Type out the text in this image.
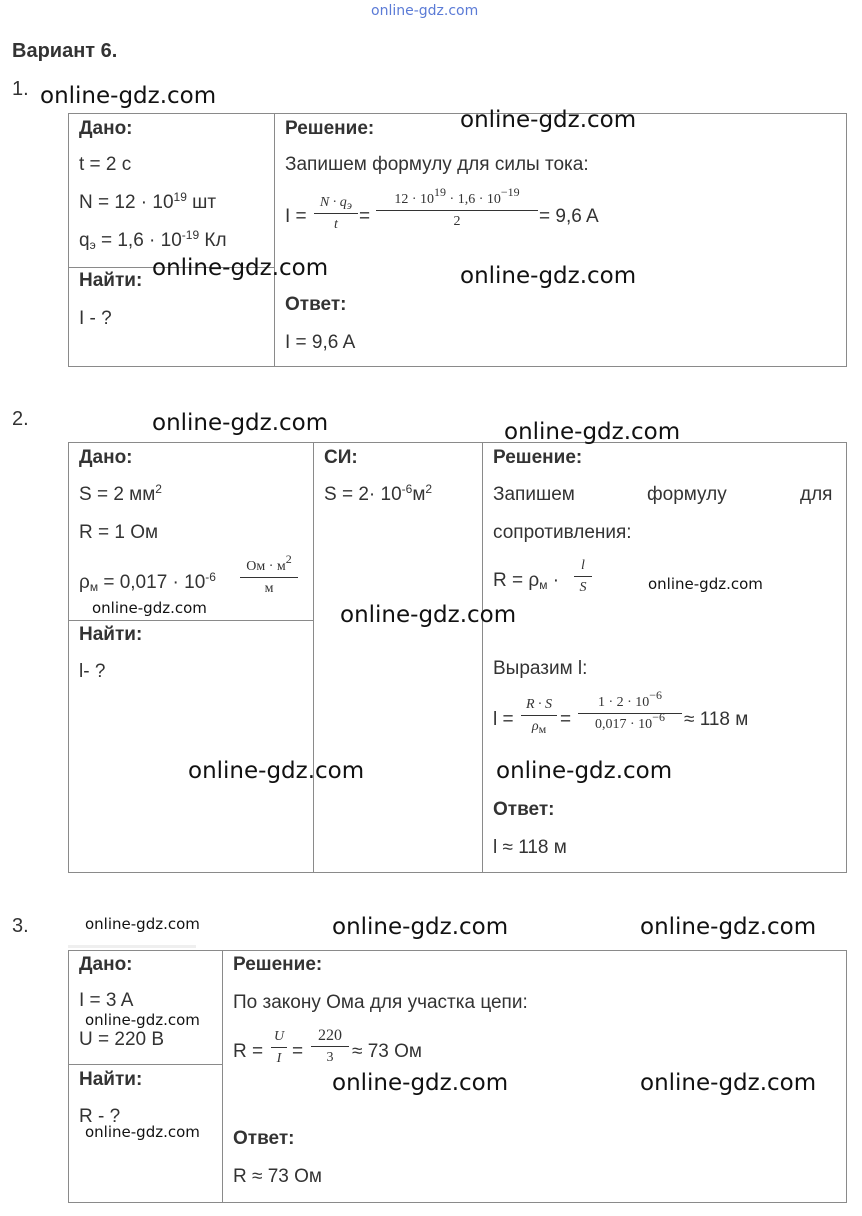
online-gdz.com
Вариант 6.
1.
Дано:
t = 2 c
$N = 12 \cdot 10^{19}$ шт
$q_э = 1,6 \cdot 10^{-19}$ Кл
Найти:
I - ?
Решение:
Запишем формулу для силы тока:
I =
$N \cdot q_э$
t	=
$12 \cdot 10^{19} \cdot 1,6 \cdot 10^{-19}$
2	= 9,6 A
Ответ:
I = 9,6 A
2.
Дано:
S = 2 $мм^2$
R = 1 Ом
$\rho_м = 0,017 \cdot 10^{-6}$
Ом · $м^2$
м
Найти:
l- ?
СИ:
$S = 2\cdot 10^{-6}м^2$
Решение:
Запишем	формулу	для
сопротивления:
$R = \rho_м$ ·
l
S
Выразим l:
l =
R · S
$\rho_м$ =
$1 \cdot 2 \cdot 10^{-6}$
$0,017 \cdot 10^{-6}$	≈ 118 м
Ответ:
l ≈ 118 м
3.
Дано:
I = 3 A
U = 220 B
Найти:
R - ?
Решение:
По закону Ома для участка цепи:
R =
U
I =
220
3 ≈ 73 Ом
Ответ:
R ≈ 73 Ом
online-gdz.com
online-gdz.com
online-gdz.com	online-gdz.com
online-gdz.com	online-gdz.com
online-gdz.com
online-gdz.com	online-gdz.com
online-gdz.com	online-gdz.com
online-gdz.com	online-gdz.com	online-gdz.com
online-gdz.com
online-gdz.com	online-gdz.com
online-gdz.com
